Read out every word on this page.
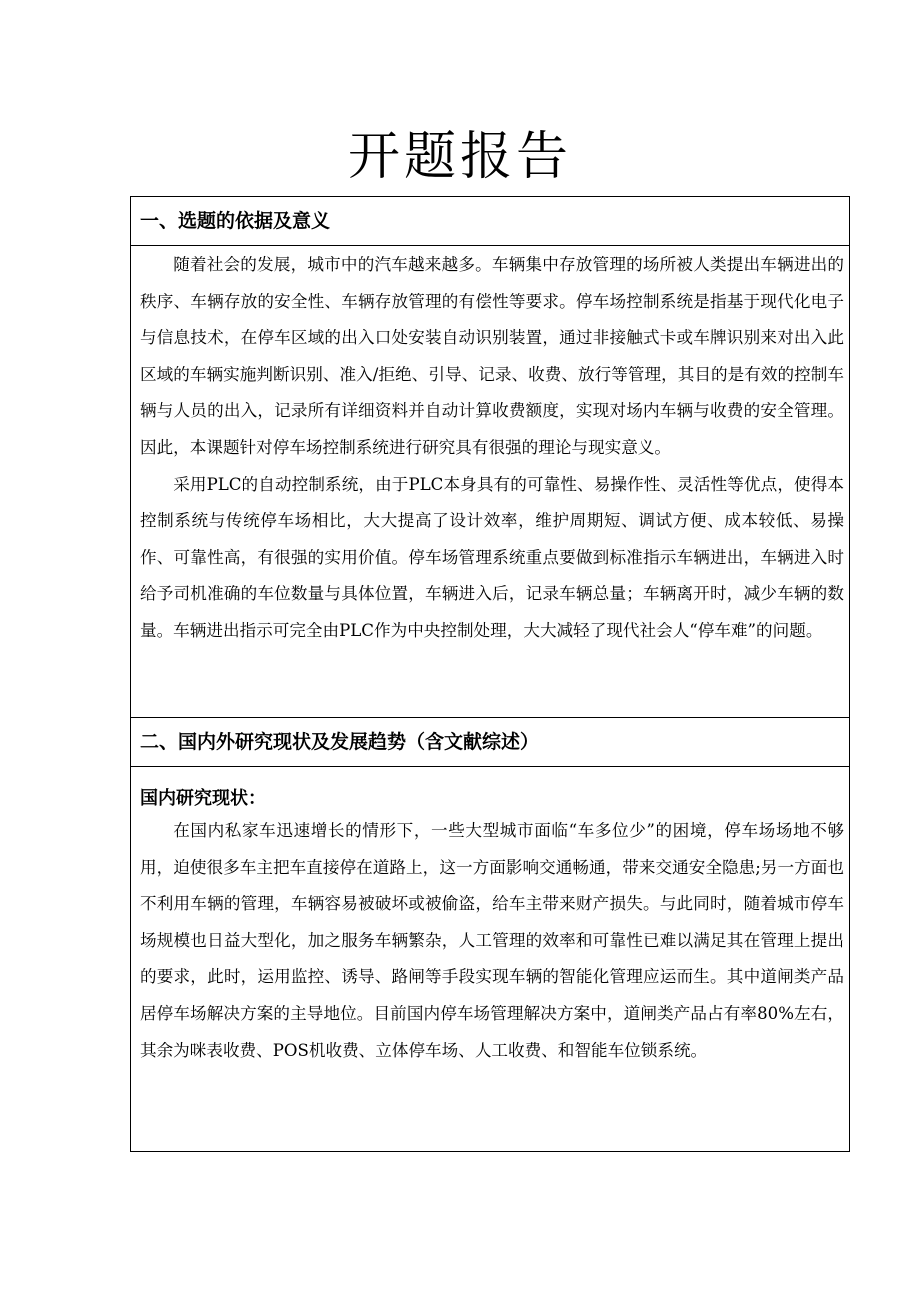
开题报告
一、选题的依据及意义

随着社会的发展，城市中的汽车越来越多。车辆集中存放管理的场所被人类提出车辆进出的秩序、车辆存放的安全性、车辆存放管理的有偿性等要求。停车场控制系统是指基于现代化电子与信息技术，在停车区域的出入口处安装自动识别装置，通过非接触式卡或车牌识别来对出入此区域的车辆实施判断识别、准入/拒绝、引导、记录、收费、放行等管理，其目的是有效的控制车辆与人员的出入，记录所有详细资料并自动计算收费额度，实现对场内车辆与收费的安全管理。因此，本课题针对停车场控制系统进行研究具有很强的理论与现实意义。

采用PLC的自动控制系统，由于PLC本身具有的可靠性、易操作性、灵活性等优点，使得本控制系统与传统停车场相比，大大提高了设计效率，维护周期短、调试方便、成本较低、易操作、可靠性高，有很强的实用价值。停车场管理系统重点要做到标准指示车辆进出，车辆进入时给予司机准确的车位数量与具体位置，车辆进入后，记录车辆总量；车辆离开时，减少车辆的数量。车辆进出指示可完全由PLC作为中央控制处理，大大减轻了现代社会人“停车难”的问题。

二、国内外研究现状及发展趋势（含文献综述）
国内研究现状：

在国内私家车迅速增长的情形下，一些大型城市面临“车多位少”的困境，停车场场地不够用，迫使很多车主把车直接停在道路上，这一方面影响交通畅通，带来交通安全隐患;另一方面也不利用车辆的管理，车辆容易被破坏或被偷盗，给车主带来财产损失。与此同时，随着城市停车场规模也日益大型化，加之服务车辆繁杂，人工管理的效率和可靠性已难以满足其在管理上提出的要求，此时，运用监控、诱导、路闸等手段实现车辆的智能化管理应运而生。其中道闸类产品居停车场解决方案的主导地位。目前国内停车场管理解决方案中，道闸类产品占有率80%左右，其余为咪表收费、POS机收费、立体停车场、人工收费、和智能车位锁系统。
